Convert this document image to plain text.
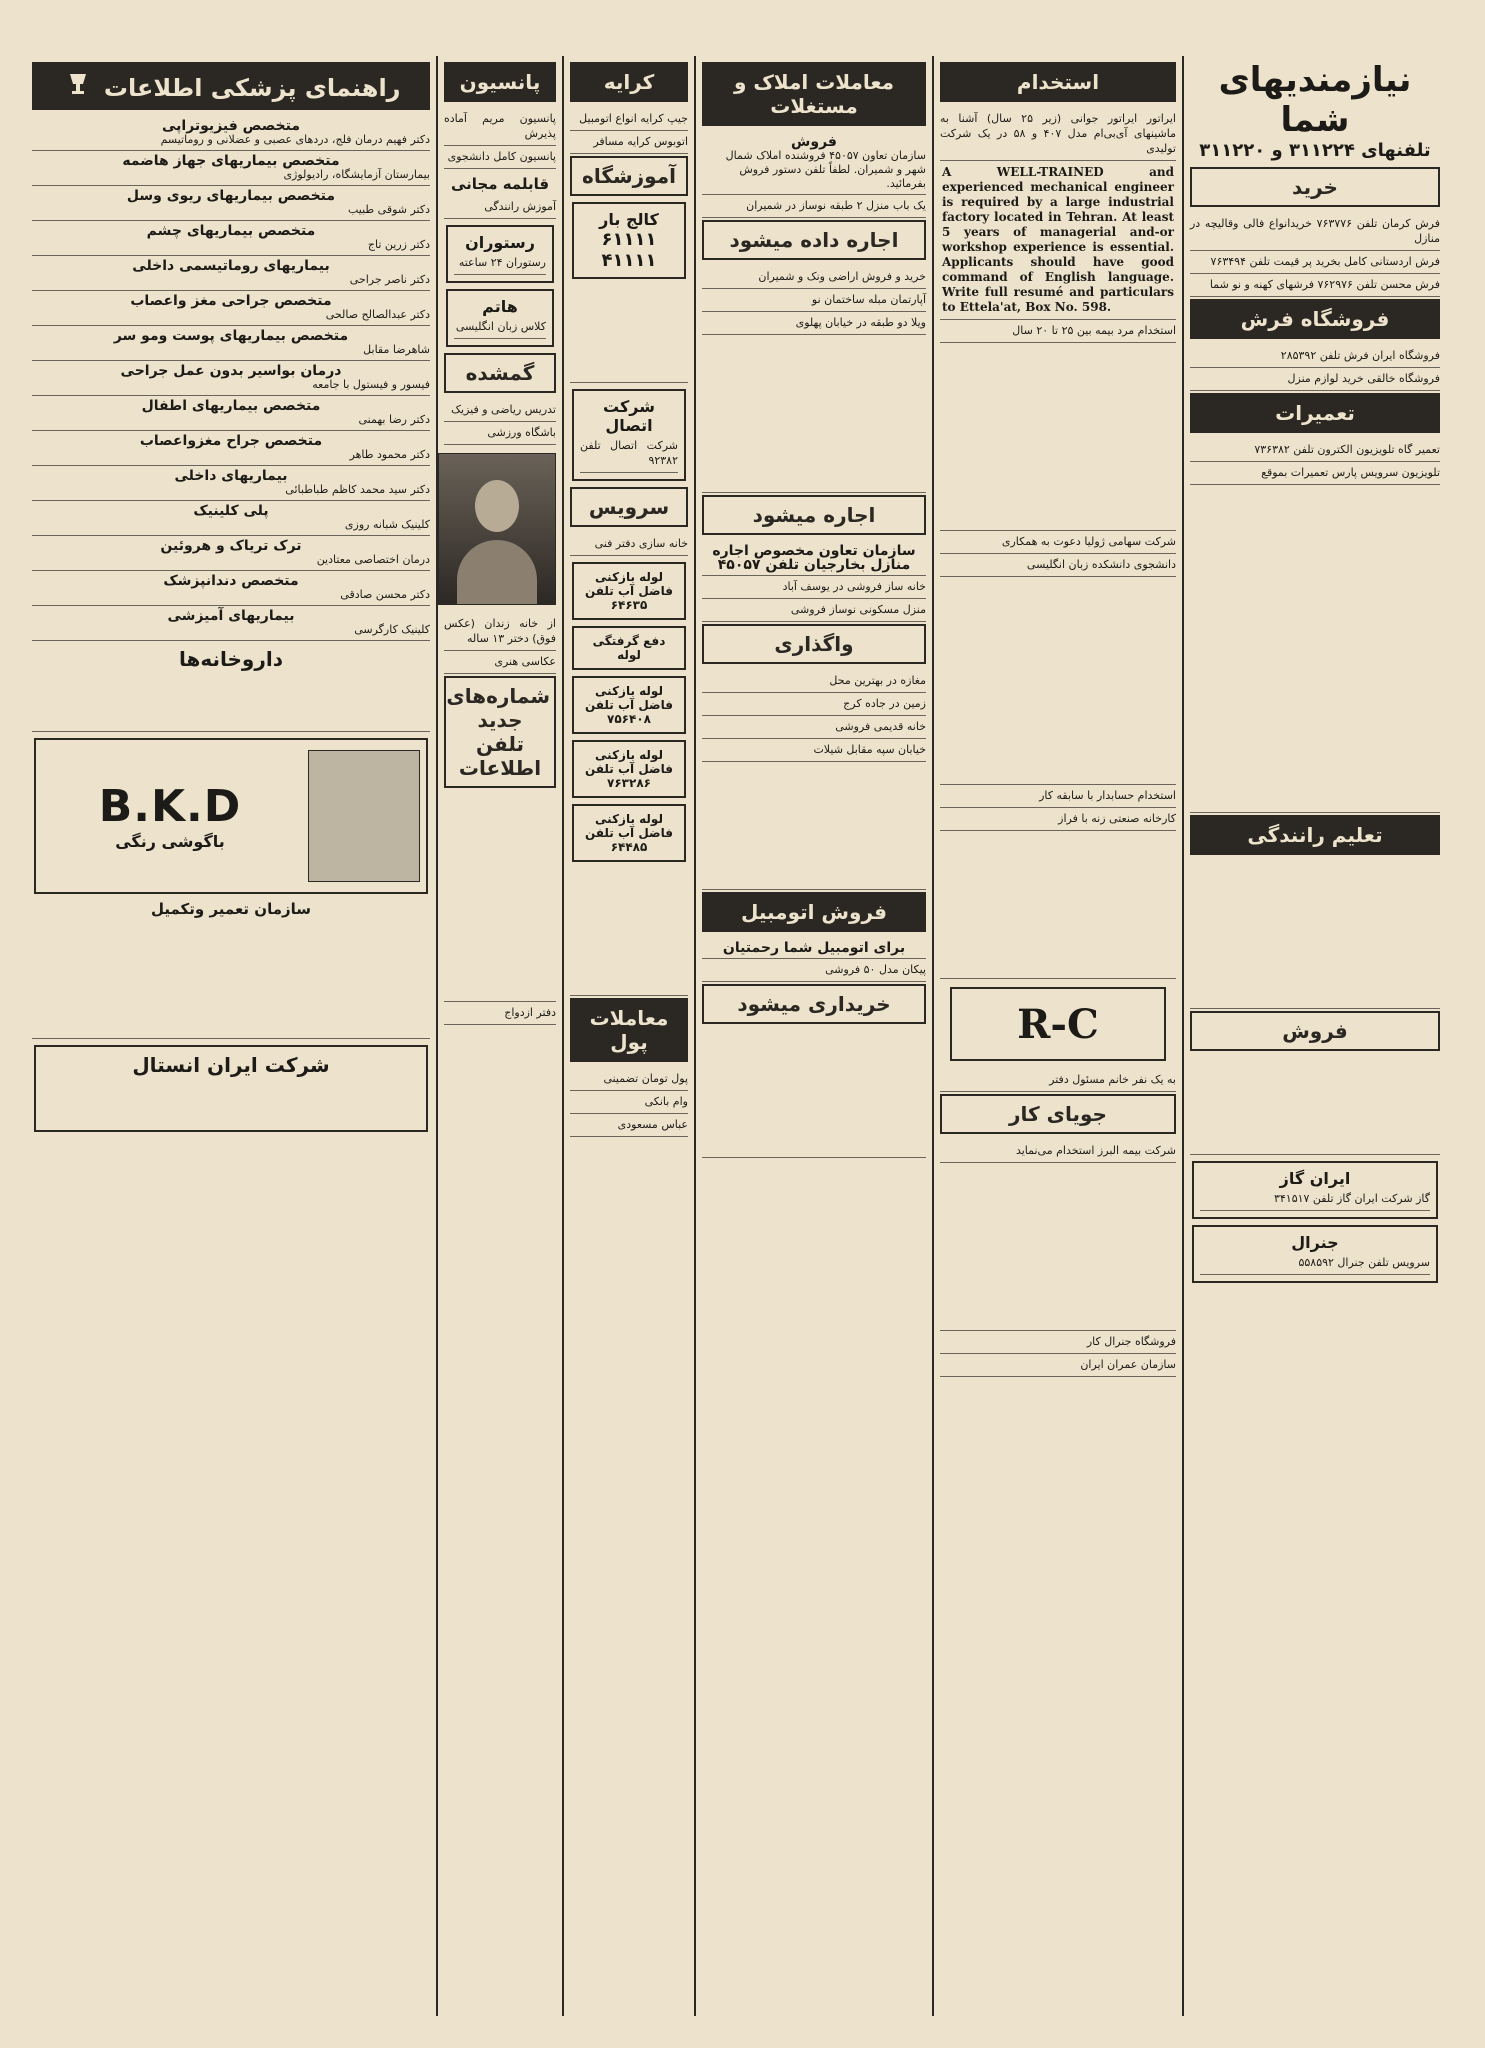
نیازمندیهای شما
تلفنهای ۳۱۱۲۲۴ و ۳۱۱۲۲۰
خرید
فرش کرمان تلفن ۷۶۳۷۷۶ خریدانواع فالی وقالیچه در منازل
فرش اردستانی کامل بخرید پر قیمت تلفن ۷۶۳۴۹۴
فرش محسن تلفن ۷۶۲۹۷۶ فرشهای کهنه و نو شما
فروشگاه فرش
فروشگاه ایران فرش تلفن ۲۸۵۳۹۲
فروشگاه خالقی خرید لوازم منزل
تعمیرات
تعمیر گاه تلویزیون الکترون تلفن ۷۳۶۳۸۲
تلویزیون سرویس پارس تعمیرات بموقع
تعلیم رانندگی
فروش
ایران گاز
گاز شرکت ایران گاز تلفن ۳۴۱۵۱۷
جنرال
سرویس تلفن جنرال ۵۵۸۵۹۲
استخدام
ایراتور ایراتور جوانی (زیر ۲۵ سال) آشنا به ماشینهای آی‌بی‌ام مدل ۴۰۷ و ۵۸ در یک شرکت تولیدی
A WELL-TRAINED and experienced mechanical engineer is required by a large industrial factory located in Tehran. At least 5 years of managerial and-or workshop experience is essential. Applicants should have good command of English language. Write full resumé and particulars to Ettela'at, Box No. 598.
استخدام مرد بیمه بین ۲۵ تا ۲۰ سال
شرکت سهامی ژولیا دعوت به همکاری
دانشجوی دانشکده زبان انگلیسی
استخدام حسابدار با سابقه کار
کارخانه صنعتی زنه با فراز
R-C
به یک نفر خانم مسئول دفتر
جویای کار
شرکت بیمه البرز استخدام می‌نماید
فروشگاه جنرال کار
سازمان عمران ایران
معاملات املاک و مستغلات
فروش
سازمان تعاون ۴۵۰۵۷ فروشنده املاک شمال شهر و شمیران. لطفاً تلفن دستور فروش بفرمائید.
یک باب منزل ۲ طبقه نوساز در شمیران
اجاره داده میشود
خرید و فروش اراضی ونک و شمیران
آپارتمان مبله ساختمان نو
ویلا دو طبقه در خیابان پهلوی
اجاره میشود
سازمان تعاون مخصوص اجاره منازل بخارجیان تلفن ۴۵۰۵۷
خانه ساز فروشی در یوسف آباد
منزل مسکونی نوساز فروشی
واگذاری
مغازه در بهترین محل
زمین در جاده کرج
خانه قدیمی فروشی
خیابان سپه مقابل شیلات
فروش اتومبیل
برای اتومبیل شما رحمتیان
پیکان مدل ۵۰ فروشی
خریداری میشود
کرایه
جیپ کرایه انواع اتومبیل
اتوبوس کرایه مسافر
آموزشگاه
کالج بار
۶۱۱۱۱ ۴۱۱۱۱
شرکت اتصال
شرکت اتصال تلفن ۹۲۳۸۲
سرویس
خانه سازی دفتر فنی
لوله بازکنی فاضل آب تلفن ۶۴۶۳۵
دفع گرفتگی لوله
لوله بازکنی فاضل آب تلفن ۷۵۶۴۰۸
لوله بازکنی فاضل آب تلفن ۷۶۳۲۸۶
لوله بازکنی فاضل آب تلفن ۶۴۴۸۵
معاملات پول
پول تومان تضمینی
وام بانکی
عباس مسعودی
پانسیون
پانسیون مریم آماده پذیرش
پانسیون کامل دانشجوی
قابلمه مجانی
آموزش رانندگی
رستوران
رستوران ۲۴ ساعته
هاتم
کلاس زبان انگلیسی
گمشده
تدریس ریاضی و فیزیک
باشگاه ورزشی
از خانه زندان (عکس فوق) دختر ۱۳ ساله
عکاسی هنری
شماره‌های جدید تلفن اطلاعات
دفتر ازدواج
راهنمای پزشکی اطلاعات
متخصص فیزیوتراپی
دکتر فهیم درمان فلج، دردهای عصبی و عضلانی و روماتیسم
متخصص بیماریهای جهاز هاضمه
بیمارستان آزمایشگاه، رادیولوژی
متخصص بیماریهای ریوی وسل
دکتر شوقی طبیب
متخصص بیماریهای چشم
دکتر زرین تاج
بیماریهای روماتیسمی داخلی
دکتر ناصر جراحی
متخصص جراحی مغز واعصاب
دکتر عبدالصالح صالحی
متخصص بیماریهای پوست ومو سر
شاهرضا مقابل
درمان بواسیر بدون عمل جراحی
فیسور و فیستول با جامعه
متخصص بیماریهای اطفال
دکتر رضا بهمنی
متخصص جراح مغزواعصاب
دکتر محمود طاهر
بیماریهای داخلی
دکتر سید محمد کاظم طباطبائی
پلی کلینیک
کلینیک شبانه روزی
ترک تریاک و هروئین
درمان اختصاصی معتادین
متخصص دندانپزشک
دکتر محسن صادقی
بیماریهای آمیزشی
کلینیک کارگرسی
داروخانه‌ها
B.K.D
باگوشی رنگی
سازمان تعمیر وتکمیل
شرکت ایران انستال
